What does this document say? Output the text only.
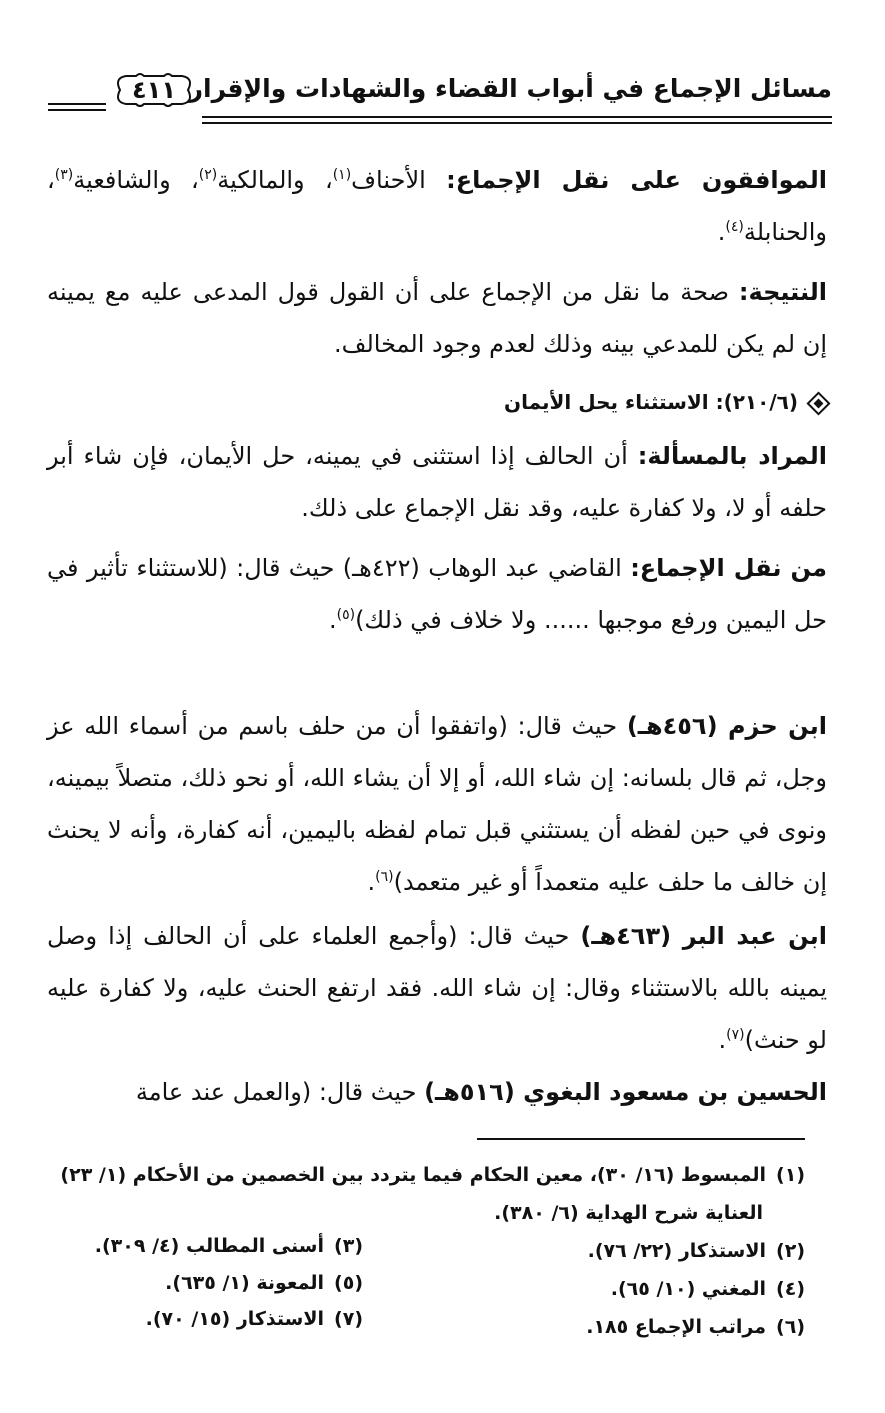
مسائل الإجماع في أبواب القضاء والشهادات والإقرار
٤١١
الموافقون على نقل الإجماع: الأحناف$^{(١)}$، والمالكية$^{(٢)}$، والشافعية$^{(٣)}$، والحنابلة$^{(٤)}$.
النتيجة: صحة ما نقل من الإجماع على أن القول قول المدعى عليه مع يمينه إن لم يكن للمدعي بينه وذلك لعدم وجود المخالف.
(٢١٠/٦): الاستثناء يحل الأيمان
المراد بالمسألة: أن الحالف إذا استثنى في يمينه، حل الأيمان، فإن شاء أبر حلفه أو لا، ولا كفارة عليه، وقد نقل الإجماع على ذلك.
من نقل الإجماع: القاضي عبد الوهاب (٤٢٢هـ) حيث قال: (للاستثناء تأثير في حل اليمين ورفع موجبها ...... ولا خلاف في ذلك)$^{(٥)}$.
ابن حزم (٤٥٦هـ) حيث قال: (واتفقوا أن من حلف باسم من أسماء الله عز وجل، ثم قال بلسانه: إن شاء الله، أو إلا أن يشاء الله، أو نحو ذلك، متصلاً بيمينه، ونوى في حين لفظه أن يستثني قبل تمام لفظه باليمين، أنه كفارة، وأنه لا يحنث إن خالف ما حلف عليه متعمداً أو غير متعمد)$^{(٦)}$.
ابن عبد البر (٤٦٣هـ) حيث قال: (وأجمع العلماء على أن الحالف إذا وصل يمينه بالله بالاستثناء وقال: إن شاء الله. فقد ارتفع الحنث عليه، ولا كفارة عليه لو حنث)$^{(٧)}$.
الحسين بن مسعود البغوي (٥١٦هـ) حيث قال: (والعمل عند عامة
(١)المبسوط (١٦/ ٣٠)، معين الحكام فيما يتردد بين الخصمين من الأحكام (١/ ٢٣)
العناية شرح الهداية (٦/ ٣٨٠).
(٢)الاستذكار (٢٢/ ٧٦).
(٣)أسنى المطالب (٤/ ٣٠٩).
(٤)المغني (١٠/ ٦٥).
(٥)المعونة (١/ ٦٣٥).
(٦)مراتب الإجماع ١٨٥.
(٧)الاستذكار (١٥/ ٧٠).
